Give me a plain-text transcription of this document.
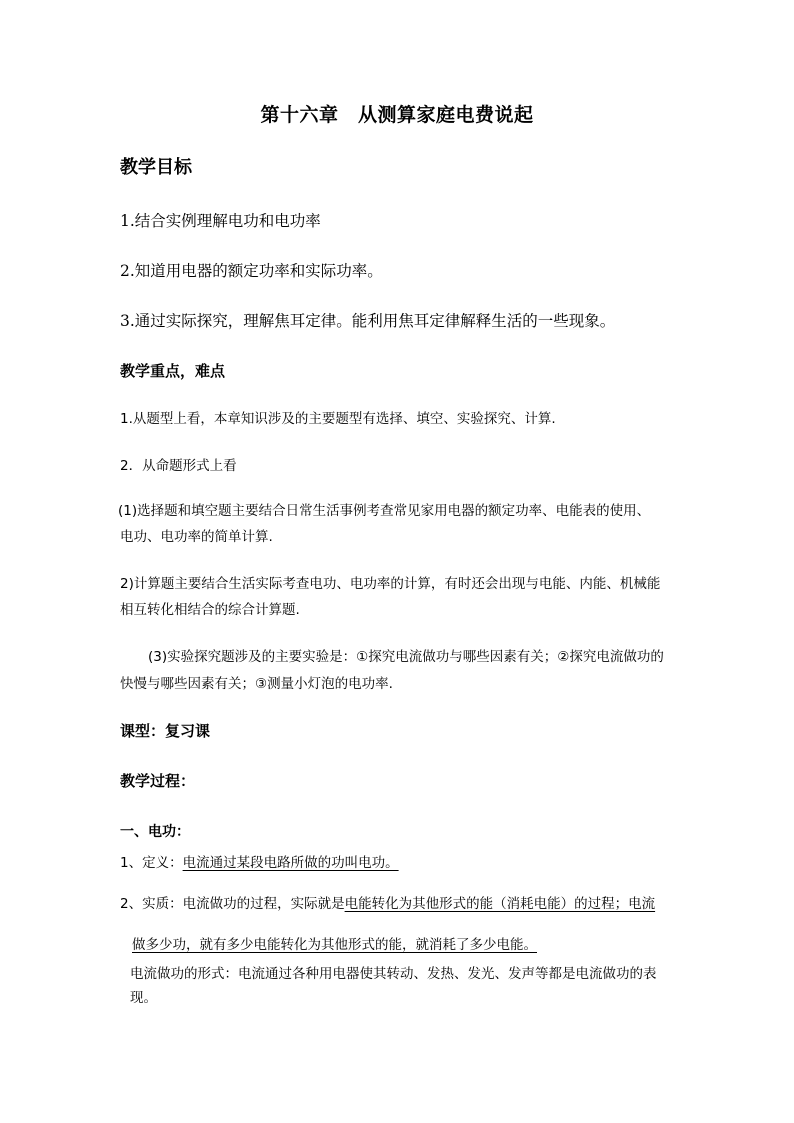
第十六章　从测算家庭电费说起
教学目标
1.结合实例理解电功和电功率
2.知道用电器的额定功率和实际功率。
3.通过实际探究，理解焦耳定律。能利用焦耳定律解释生活的一些现象。
教学重点，难点
1.从题型上看，本章知识涉及的主要题型有选择、填空、实验探究、计算.
2．从命题形式上看
(1)选择题和填空题主要结合日常生活事例考查常见家用电器的额定功率、电能表的使用、
电功、电功率的简单计算.
2)计算题主要结合生活实际考查电功、电功率的计算，有时还会出现与电能、内能、机械能
相互转化相结合的综合计算题.
(3)实验探究题涉及的主要实验是：①探究电流做功与哪些因素有关；②探究电流做功的
快慢与哪些因素有关；③测量小灯泡的电功率.
课型：复习课
教学过程：
一、电功：
1、定义：电流通过某段电路所做的功叫电功。
2、实质：电流做功的过程，实际就是电能转化为其他形式的能（消耗电能）的过程；电流
做多少功，就有多少电能转化为其他形式的能，就消耗了多少电能。
电流做功的形式：电流通过各种用电器使其转动、发热、发光、发声等都是电流做功的表
现。
